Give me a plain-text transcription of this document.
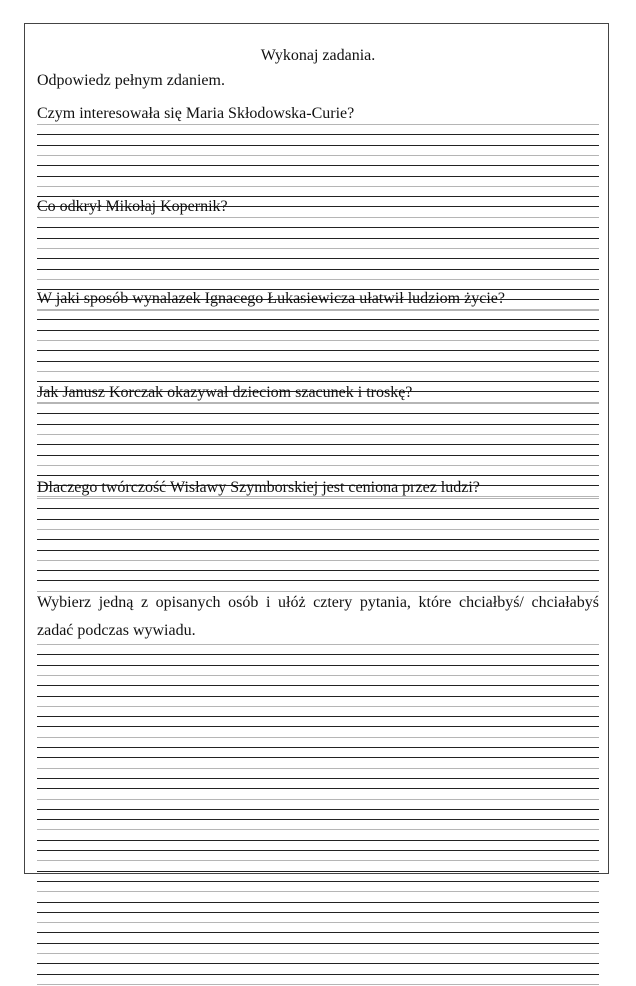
Wykonaj zadania.
Odpowiedz pełnym zdaniem.
Czym interesowała się Maria Skłodowska-Curie?
Co odkrył Mikołaj Kopernik?
W jaki sposób wynalazek Ignacego Łukasiewicza ułatwił ludziom życie?
Jak Janusz Korczak okazywał dzieciom szacunek i troskę?
Dlaczego twórczość Wisławy Szymborskiej jest ceniona przez ludzi?
Wybierz jedną z opisanych osób i ułóż cztery pytania, które chciałbyś/ chciałabyś zadać podczas wywiadu.
